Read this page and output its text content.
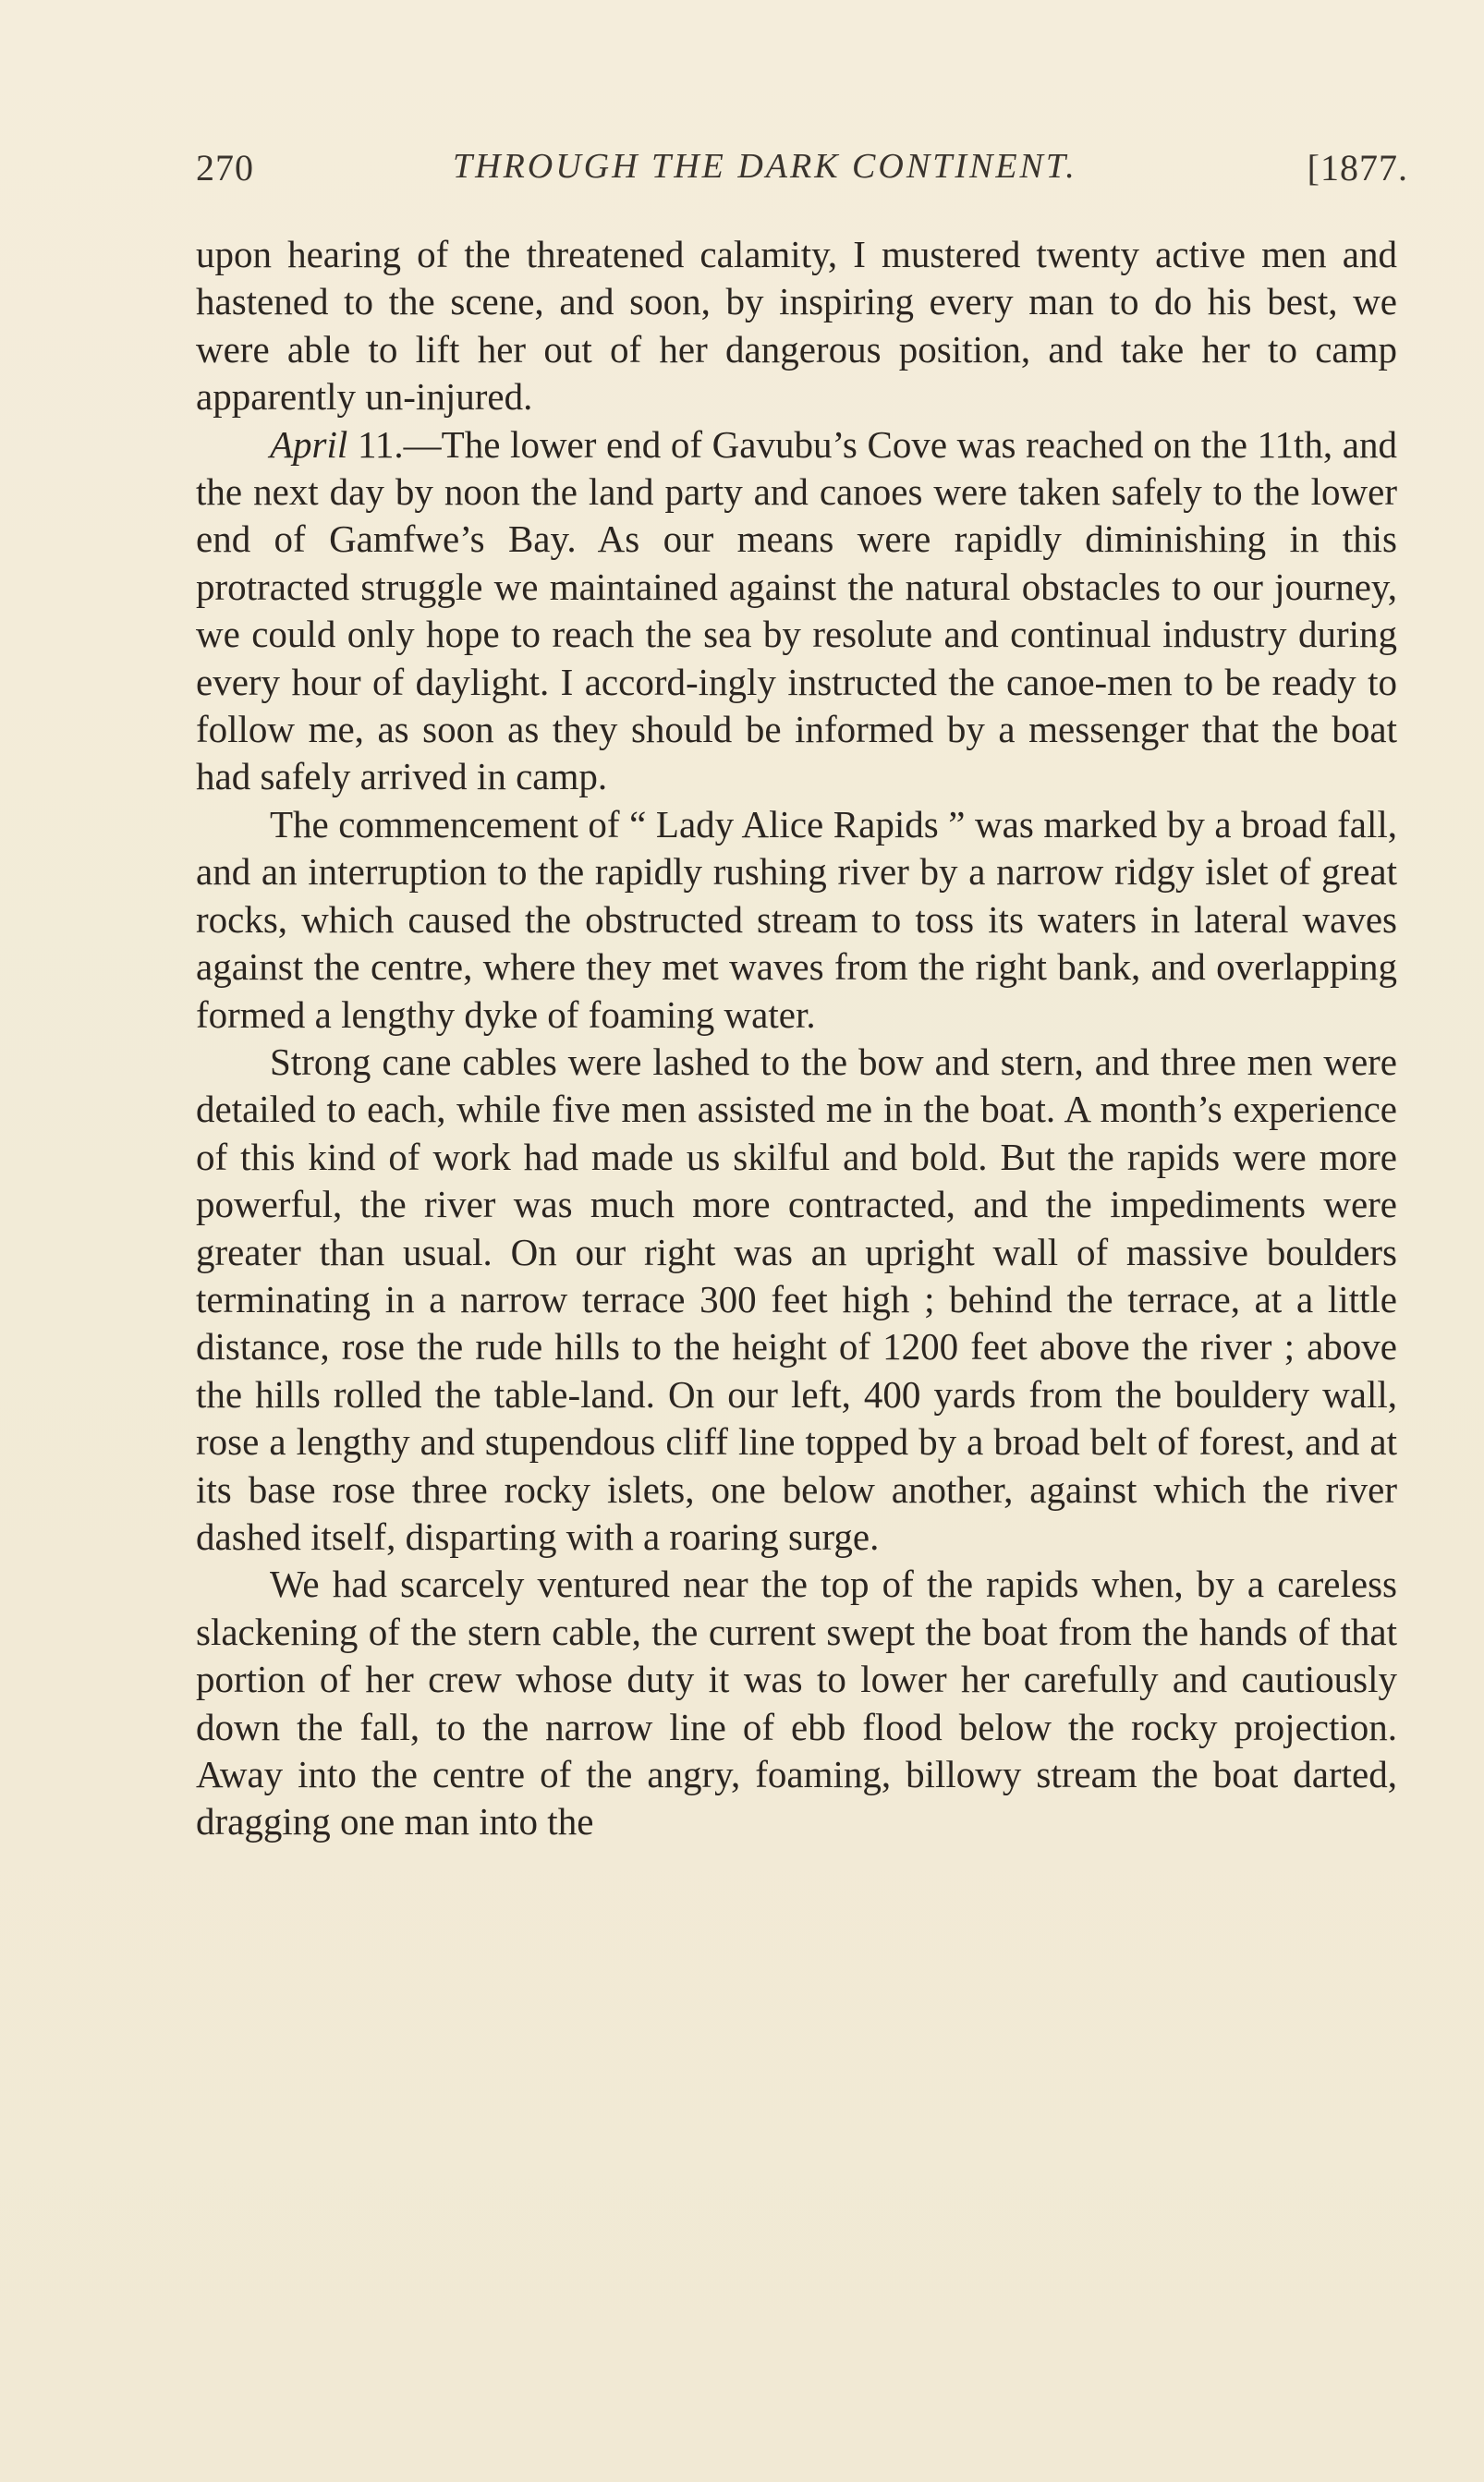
270	THROUGH THE DARK CONTINENT.	[1877.

upon hearing of the threatened calamity, I mustered twenty active men and hastened to the scene, and soon, by inspiring every man to do his best, we were able to lift her out of her dangerous position, and take her to camp apparently un-injured.

April 11.—The lower end of Gavubu’s Cove was reached on the 11th, and the next day by noon the land party and canoes were taken safely to the lower end of Gamfwe’s Bay. As our means were rapidly diminishing in this protracted struggle we maintained against the natural obstacles to our journey, we could only hope to reach the sea by resolute and continual industry during every hour of daylight. I accord-ingly instructed the canoe-men to be ready to follow me, as soon as they should be informed by a messenger that the boat had safely arrived in camp.

The commencement of “ Lady Alice Rapids ” was marked by a broad fall, and an interruption to the rapidly rushing river by a narrow ridgy islet of great rocks, which caused the obstructed stream to toss its waters in lateral waves against the centre, where they met waves from the right bank, and overlapping formed a lengthy dyke of foaming water.

Strong cane cables were lashed to the bow and stern, and three men were detailed to each, while five men assisted me in the boat. A month’s experience of this kind of work had made us skilful and bold. But the rapids were more powerful, the river was much more contracted, and the impediments were greater than usual. On our right was an upright wall of massive boulders terminating in a narrow terrace 300 feet high ; behind the terrace, at a little distance, rose the rude hills to the height of 1200 feet above the river ; above the hills rolled the table-land. On our left, 400 yards from the bouldery wall, rose a lengthy and stupendous cliff line topped by a broad belt of forest, and at its base rose three rocky islets, one below another, against which the river dashed itself, disparting with a roaring surge.

We had scarcely ventured near the top of the rapids when, by a careless slackening of the stern cable, the current swept the boat from the hands of that portion of her crew whose duty it was to lower her carefully and cautiously down the fall, to the narrow line of ebb flood below the rocky projection. Away into the centre of the angry, foaming, billowy stream the boat darted, dragging one man into the
